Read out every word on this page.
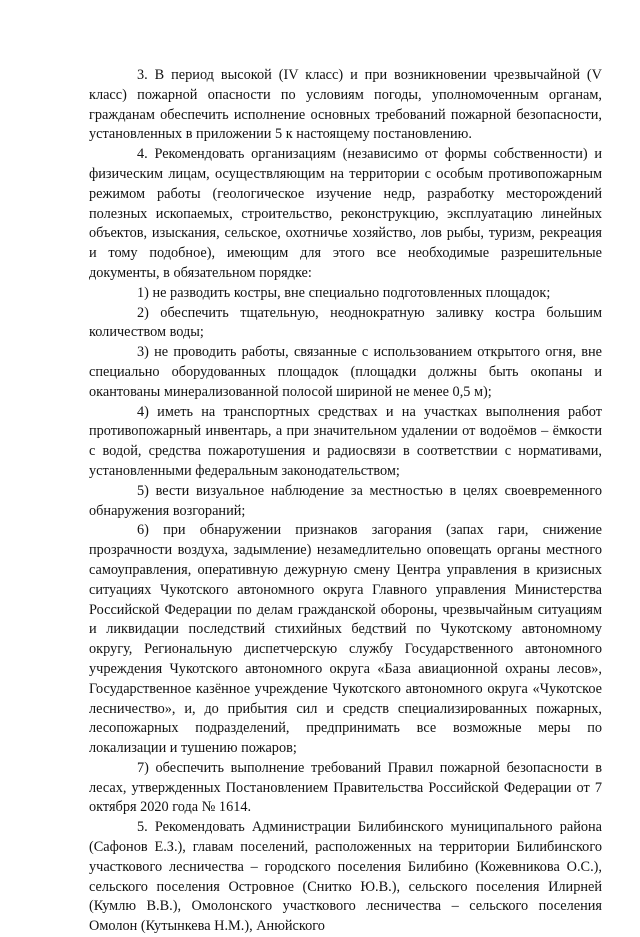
3. В период высокой (IV класс) и при возникновении чрезвычайной (V класс) пожарной опасности по условиям погоды, уполномоченным органам, гражданам обеспечить исполнение основных требований пожарной безопасности, установленных в приложении 5 к настоящему постановлению.

4. Рекомендовать организациям (независимо от формы собственности) и физическим лицам, осуществляющим на территории с особым противопожарным режимом работы (геологическое изучение недр, разработку месторождений полезных ископаемых, строительство, реконструкцию, эксплуатацию линейных объектов, изыскания, сельское, охотничье хозяйство, лов рыбы, туризм, рекреация и тому подобное), имеющим для этого все необходимые разрешительные документы, в обязательном порядке:

1) не разводить костры, вне специально подготовленных площадок;

2) обеспечить тщательную, неоднократную заливку костра большим количеством воды;

3) не проводить работы, связанные с использованием открытого огня, вне специально оборудованных площадок (площадки должны быть окопаны и окантованы минерализованной полосой шириной не менее 0,5 м);

4) иметь на транспортных средствах и на участках выполнения работ противопожарный инвентарь, а при значительном удалении от водоёмов – ёмкости с водой, средства пожаротушения и радиосвязи в соответствии с нормативами, установленными федеральным законодательством;

5) вести визуальное наблюдение за местностью в целях своевременного обнаружения возгораний;

6) при обнаружении признаков загорания (запах гари, снижение прозрачности воздуха, задымление) незамедлительно оповещать органы местного самоуправления, оперативную дежурную смену Центра управления в кризисных ситуациях Чукотского автономного округа Главного управления Министерства Российской Федерации по делам гражданской обороны, чрезвычайным ситуациям и ликвидации последствий стихийных бедствий по Чукотскому автономному округу, Региональную диспетчерскую службу Государственного автономного учреждения Чукотского автономного округа «База авиационной охраны лесов», Государственное казённое учреждение Чукотского автономного округа «Чукотское лесничество», и, до прибытия сил и средств специализированных пожарных, лесопожарных подразделений, предпринимать все возможные меры по локализации и тушению пожаров;

7) обеспечить выполнение требований Правил пожарной безопасности в лесах, утвержденных Постановлением Правительства Российской Федерации от 7 октября 2020 года № 1614.

5. Рекомендовать Администрации Билибинского муниципального района (Сафонов Е.З.), главам поселений, расположенных на территории Билибинского участкового лесничества – городского поселения Билибино (Кожевникова О.С.), сельского поселения Островное (Снитко Ю.В.), сельского поселения Илирней (Кумлю В.В.), Омолонского участкового лесничества – сельского поселения Омолон (Кутынкева Н.М.), Анюйского
